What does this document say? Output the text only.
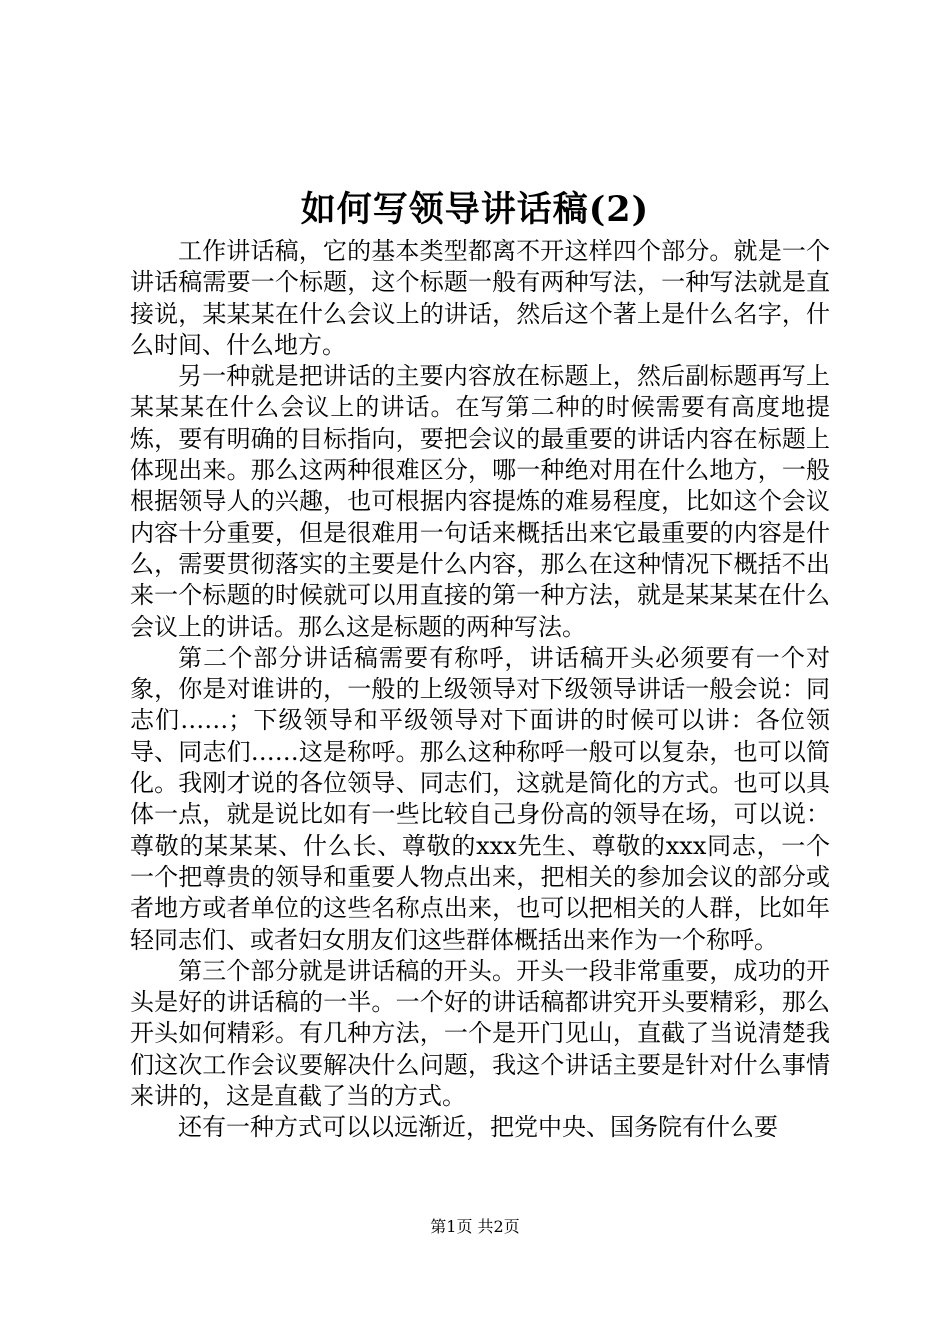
如何写领导讲话稿(2)

工作讲话稿，它的基本类型都离不开这样四个部分。就是一个讲话稿需要一个标题，这个标题一般有两种写法，一种写法就是直接说，某某某在什么会议上的讲话，然后这个著上是什么名字，什么时间、什么地方。

另一种就是把讲话的主要内容放在标题上，然后副标题再写上某某某在什么会议上的讲话。在写第二种的时候需要有高度地提炼，要有明确的目标指向，要把会议的最重要的讲话内容在标题上体现出来。那么这两种很难区分，哪一种绝对用在什么地方，一般根据领导人的兴趣，也可根据内容提炼的难易程度，比如这个会议内容十分重要，但是很难用一句话来概括出来它最重要的内容是什么，需要贯彻落实的主要是什么内容，那么在这种情况下概括不出来一个标题的时候就可以用直接的第一种方法，就是某某某在什么会议上的讲话。那么这是标题的两种写法。

第二个部分讲话稿需要有称呼，讲话稿开头必须要有一个对象，你是对谁讲的，一般的上级领导对下级领导讲话一般会说：同志们……；下级领导和平级领导对下面讲的时候可以讲：各位领导、同志们……这是称呼。那么这种称呼一般可以复杂，也可以简化。我刚才说的各位领导、同志们，这就是简化的方式。也可以具体一点，就是说比如有一些比较自己身份高的领导在场，可以说：尊敬的某某某、什么长、尊敬的xxx先生、尊敬的xxx同志，一个一个把尊贵的领导和重要人物点出来，把相关的参加会议的部分或者地方或者单位的这些名称点出来，也可以把相关的人群，比如年轻同志们、或者妇女朋友们这些群体概括出来作为一个称呼。

第三个部分就是讲话稿的开头。开头一段非常重要，成功的开头是好的讲话稿的一半。一个好的讲话稿都讲究开头要精彩，那么开头如何精彩。有几种方法，一个是开门见山，直截了当说清楚我们这次工作会议要解决什么问题，我这个讲话主要是针对什么事情来讲的，这是直截了当的方式。

还有一种方式可以以远渐近，把党中央、国务院有什么要

第1页 共2页
